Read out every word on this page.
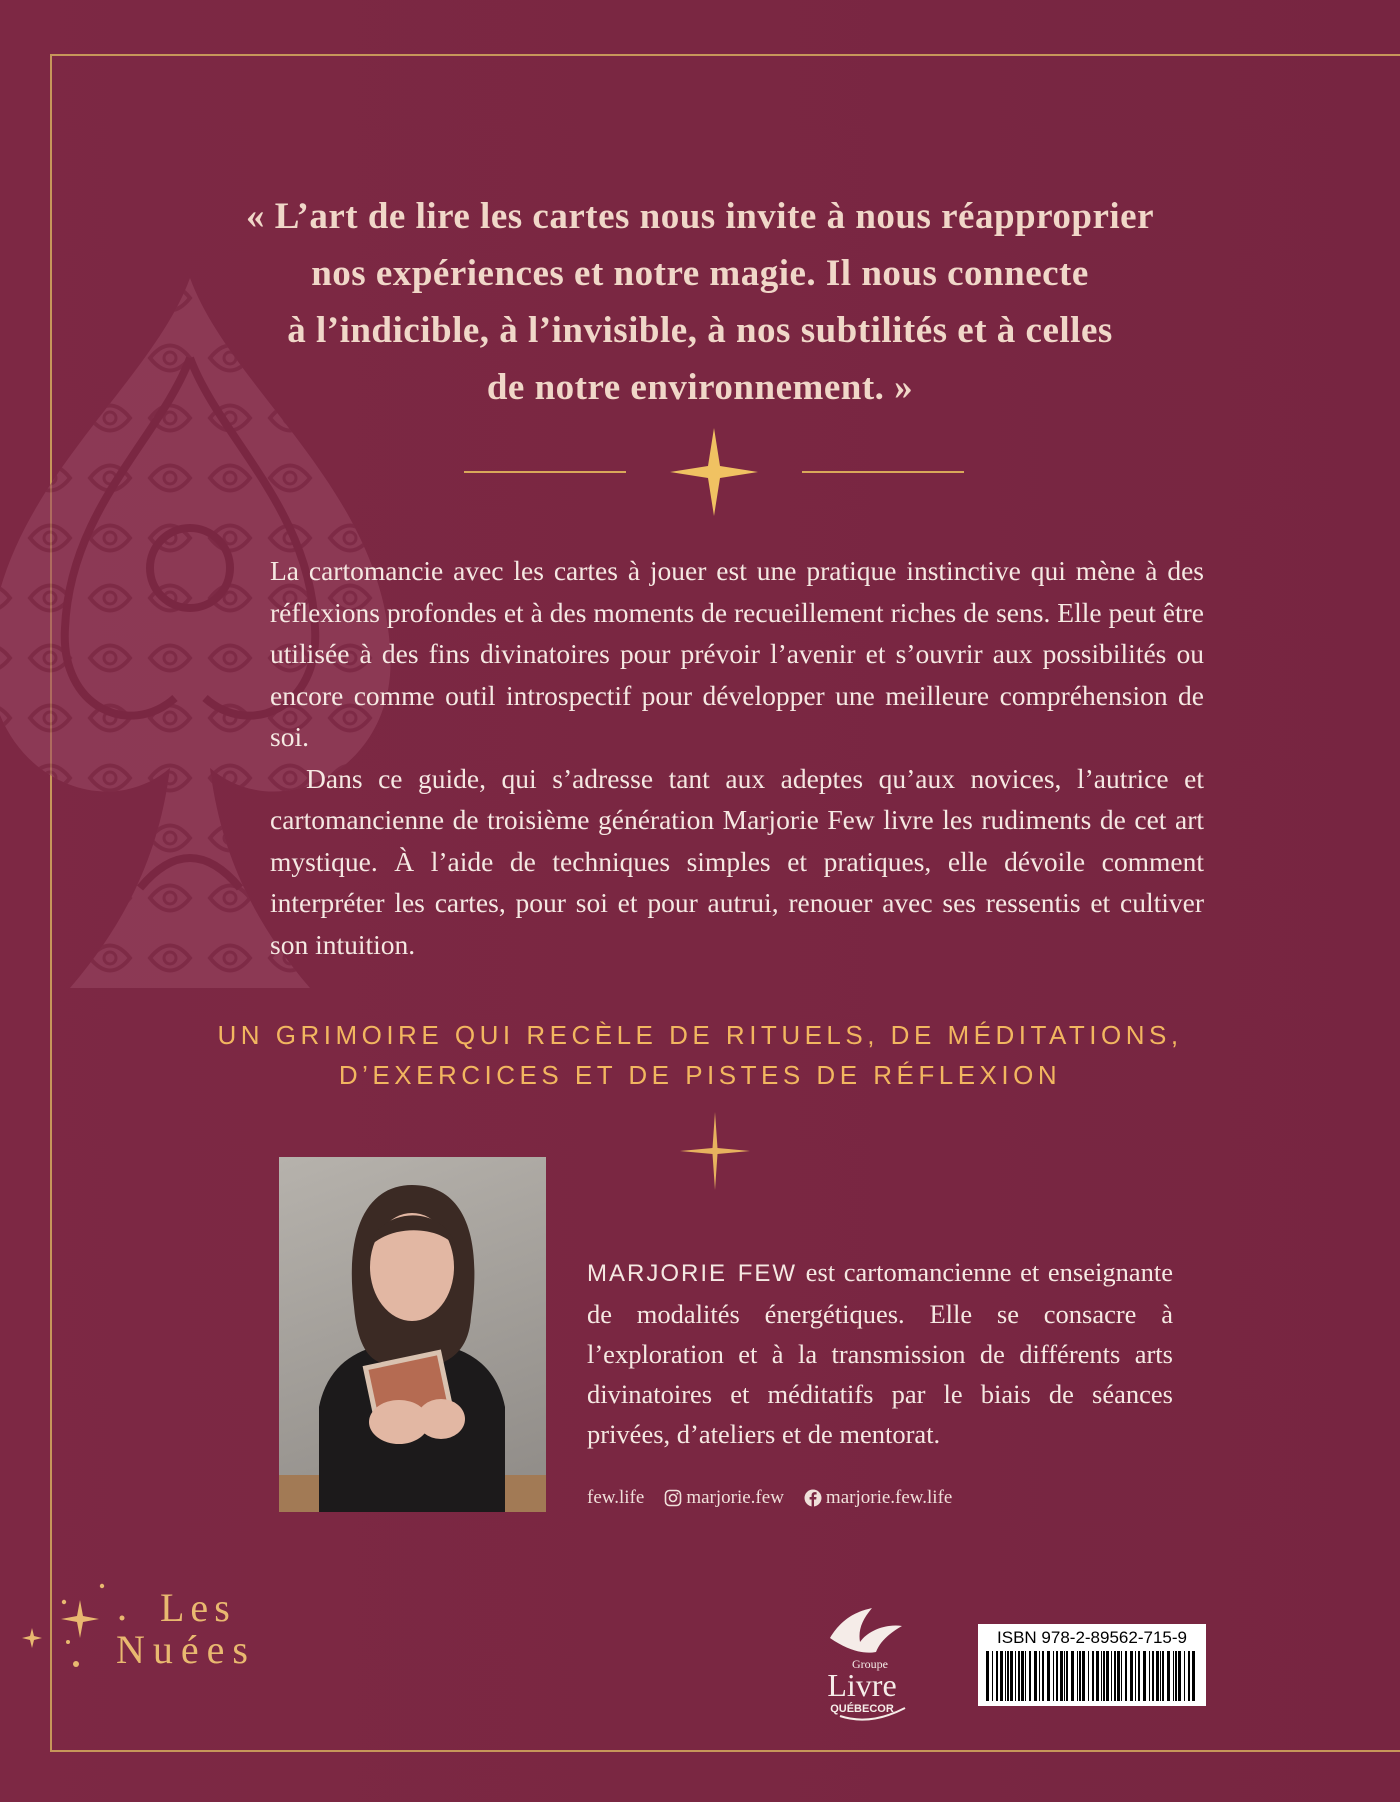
« L’art de lire les cartes nous invite à nous réapproprier

nos expériences et notre magie. Il nous connecte

à l’indicible, à l’invisible, à nos subtilités et à celles

de notre environnement. »

La cartomancie avec les cartes à jouer est une pratique instinctive qui mène à des réflexions profondes et à des moments de recueillement riches de sens. Elle peut être utilisée à des fins divinatoires pour prévoir l’avenir et s’ouvrir aux possibilités ou encore comme outil introspectif pour développer une meilleure compréhension de soi.

Dans ce guide, qui s’adresse tant aux adeptes qu’aux novices, l’autrice et cartomancienne de troisième génération Marjorie Few livre les rudiments de cet art mystique. À l’aide de techniques simples et pratiques, elle dévoile comment interpréter les cartes, pour soi et pour autrui, renouer avec ses ressentis et cultiver son intuition.

UN GRIMOIRE QUI RECÈLE DE RITUELS, DE MÉDITATIONS,

D’EXERCICES ET DE PISTES DE RÉFLEXION

MARJORIE FEW est cartomancienne et enseignante de modalités énergétiques. Elle se consacre à l’exploration et à la transmission de différents arts divinatoires et méditatifs par le biais de séances privées, d’ateliers et de mentorat.

few.life marjorie.few marjorie.few.life
Les
Nuées	Groupe
Livre
QUÉBECOR
ISBN 978-2-89562-715-9
